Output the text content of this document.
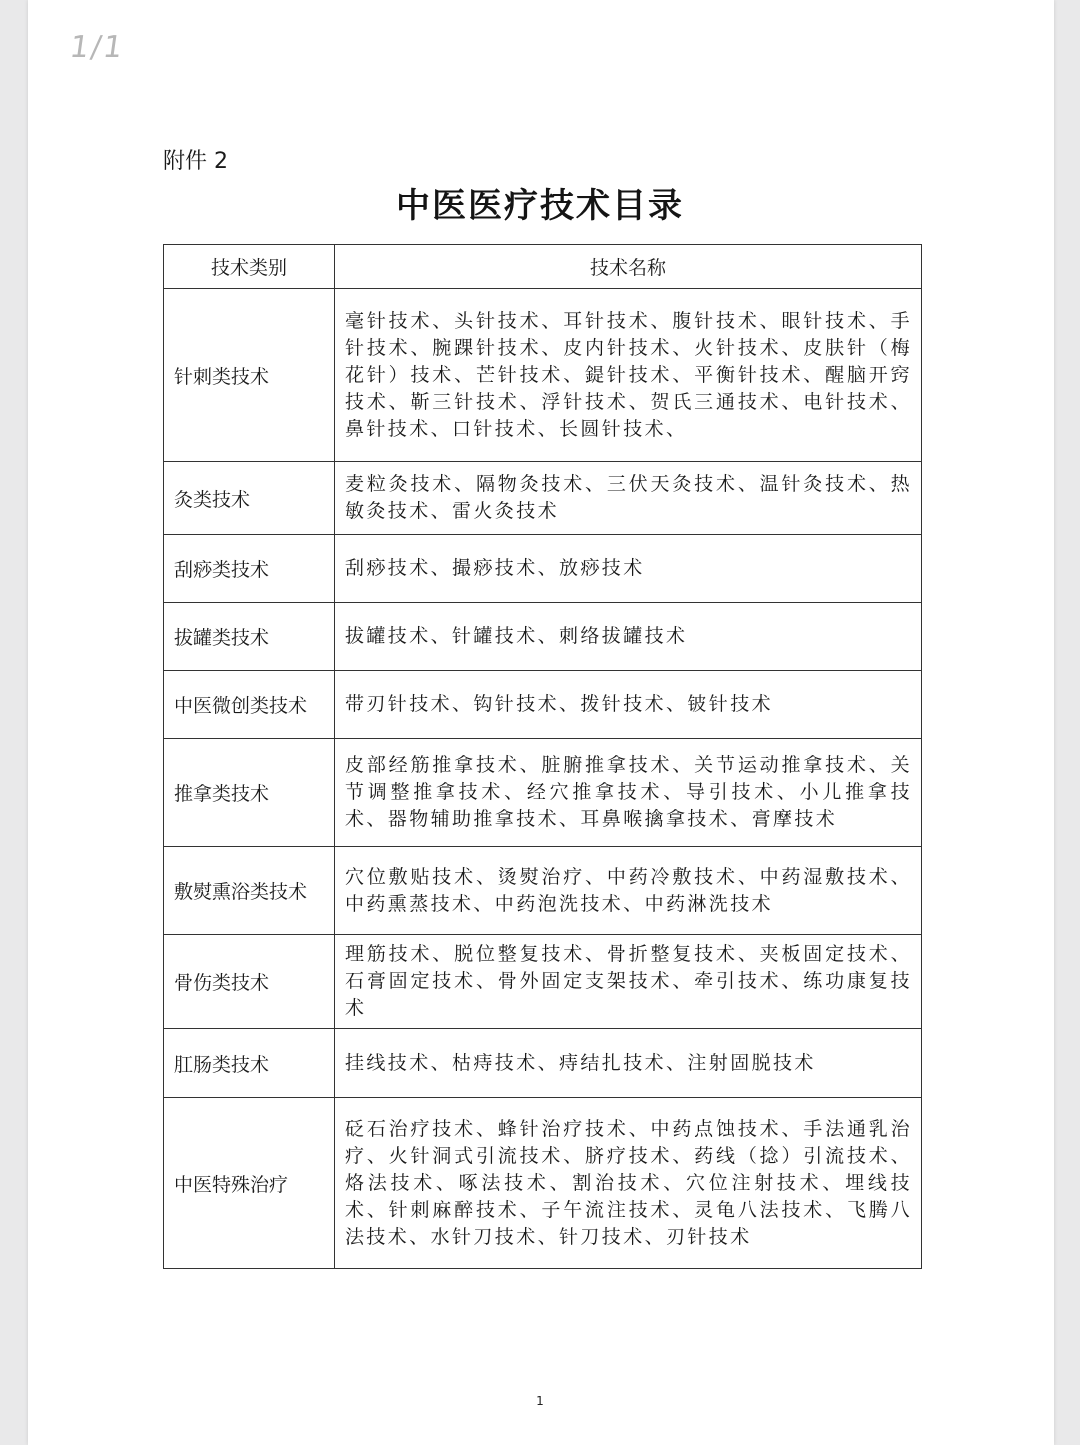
1/1
附件 2
中医医疗技术目录
技术类别	技术名称
针刺类技术	毫针技术、头针技术、耳针技术、腹针技术、眼针技术、手针技术、腕踝针技术、皮内针技术、火针技术、皮肤针（梅花针）技术、芒针技术、鍉针技术、平衡针技术、醒脑开窍技术、靳三针技术、浮针技术、贺氏三通技术、电针技术、鼻针技术、口针技术、长圆针技术、
灸类技术	麦粒灸技术、隔物灸技术、三伏天灸技术、温针灸技术、热敏灸技术、雷火灸技术
刮痧类技术	刮痧技术、撮痧技术、放痧技术
拔罐类技术	拔罐技术、针罐技术、刺络拔罐技术
中医微创类技术	带刃针技术、钩针技术、拨针技术、铍针技术
推拿类技术	皮部经筋推拿技术、脏腑推拿技术、关节运动推拿技术、关节调整推拿技术、经穴推拿技术、导引技术、小儿推拿技术、器物辅助推拿技术、耳鼻喉擒拿技术、膏摩技术
敷熨熏浴类技术	穴位敷贴技术、烫熨治疗、中药冷敷技术、中药湿敷技术、中药熏蒸技术、中药泡洗技术、中药淋洗技术
骨伤类技术	理筋技术、脱位整复技术、骨折整复技术、夹板固定技术、石膏固定技术、骨外固定支架技术、牵引技术、练功康复技术
肛肠类技术	挂线技术、枯痔技术、痔结扎技术、注射固脱技术
中医特殊治疗	砭石治疗技术、蜂针治疗技术、中药点蚀技术、手法通乳治疗、火针洞式引流技术、脐疗技术、药线（捻）引流技术、烙法技术、啄法技术、割治技术、穴位注射技术、埋线技术、针刺麻醉技术、子午流注技术、灵龟八法技术、飞腾八法技术、水针刀技术、针刀技术、刃针技术
1
